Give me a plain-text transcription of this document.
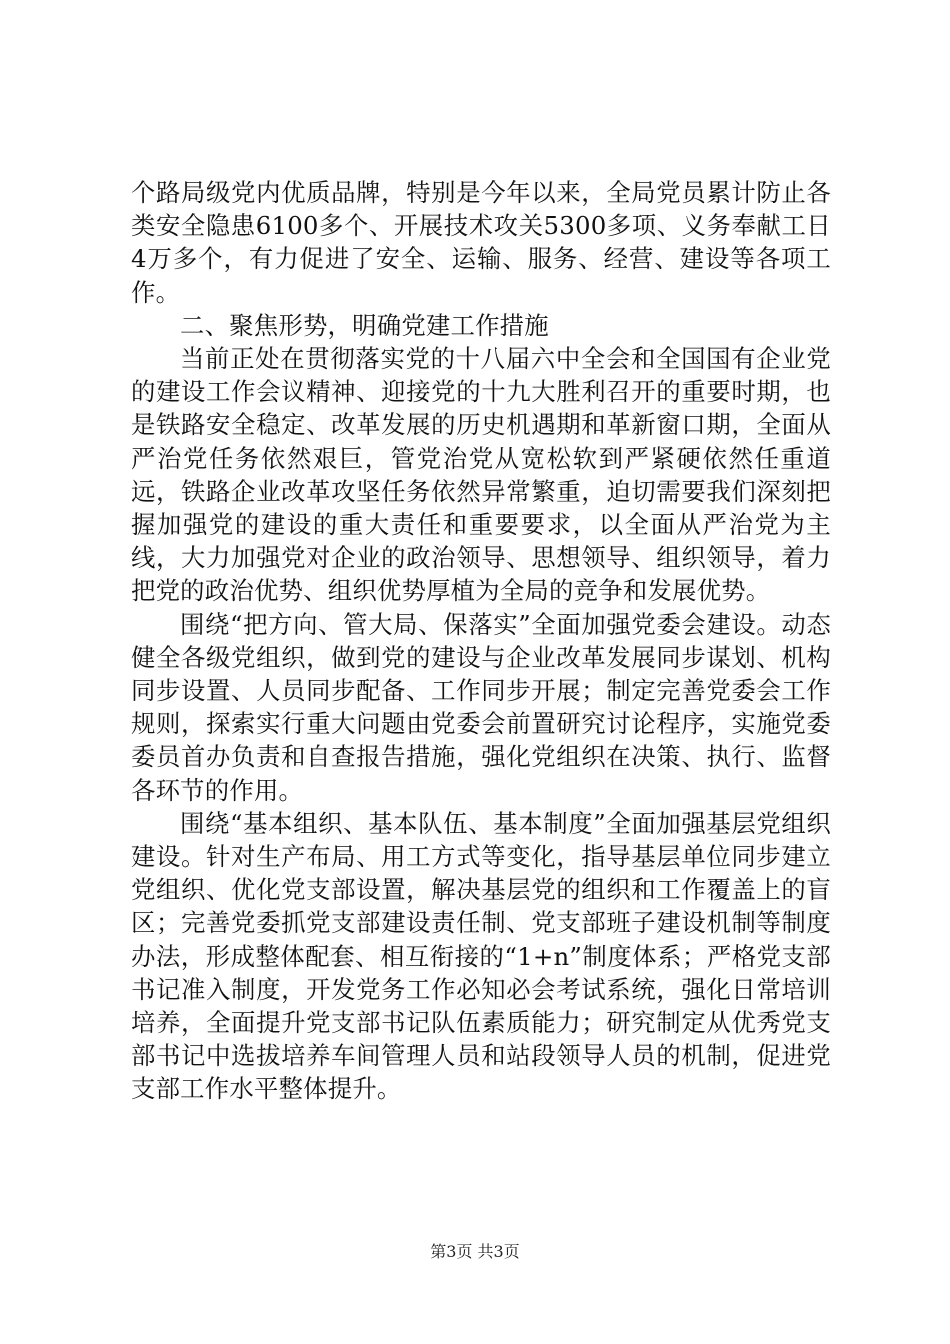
个路局级党内优质品牌，特别是今年以来，全局党员累计防止各类安全隐患6100多个、开展技术攻关5300多项、义务奉献工日4万多个，有力促进了安全、运输、服务、经营、建设等各项工作。

二、聚焦形势，明确党建工作措施

当前正处在贯彻落实党的十八届六中全会和全国国有企业党的建设工作会议精神、迎接党的十九大胜利召开的重要时期，也是铁路安全稳定、改革发展的历史机遇期和革新窗口期，全面从严治党任务依然艰巨，管党治党从宽松软到严紧硬依然任重道远，铁路企业改革攻坚任务依然异常繁重，迫切需要我们深刻把握加强党的建设的重大责任和重要要求，以全面从严治党为主线，大力加强党对企业的政治领导、思想领导、组织领导，着力把党的政治优势、组织优势厚植为全局的竞争和发展优势。

围绕“把方向、管大局、保落实”全面加强党委会建设。动态健全各级党组织，做到党的建设与企业改革发展同步谋划、机构同步设置、人员同步配备、工作同步开展；制定完善党委会工作规则，探索实行重大问题由党委会前置研究讨论程序，实施党委委员首办负责和自查报告措施，强化党组织在决策、执行、监督各环节的作用。

围绕“基本组织、基本队伍、基本制度”全面加强基层党组织建设。针对生产布局、用工方式等变化，指导基层单位同步建立党组织、优化党支部设置，解决基层党的组织和工作覆盖上的盲区；完善党委抓党支部建设责任制、党支部班子建设机制等制度办法，形成整体配套、相互衔接的“1+n”制度体系；严格党支部书记准入制度，开发党务工作必知必会考试系统，强化日常培训培养，全面提升党支部书记队伍素质能力；研究制定从优秀党支部书记中选拔培养车间管理人员和站段领导人员的机制，促进党支部工作水平整体提升。

第3页 共3页
